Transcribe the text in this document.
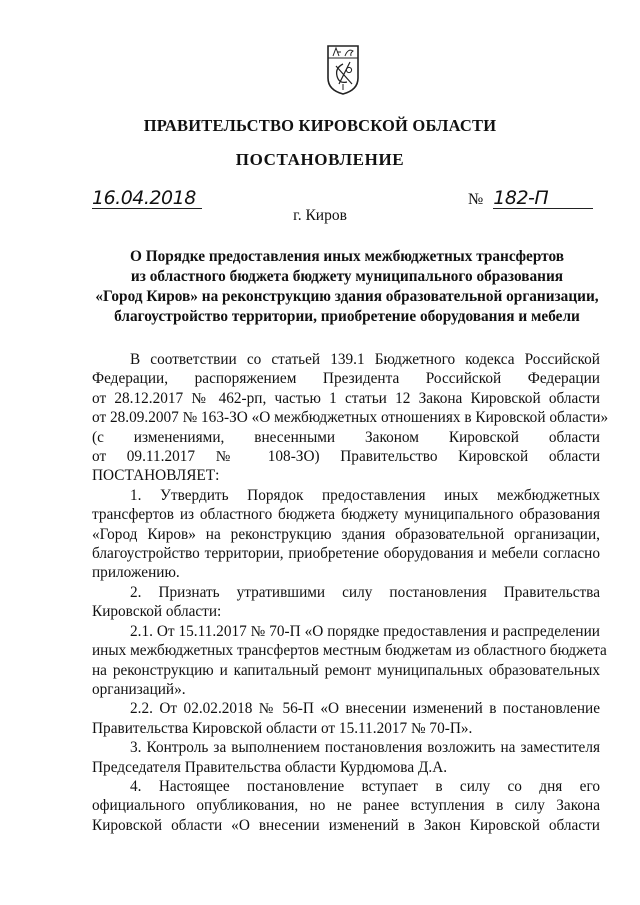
ПРАВИТЕЛЬСТВО КИРОВСКОЙ ОБЛАСТИ
ПОСТАНОВЛЕНИЕ
16.04.2018	№ 182-П
г. Киров
О Порядке предоставления иных межбюджетных трансфертов
из областного бюджета бюджету муниципального образования
«Город Киров» на реконструкцию здания образовательной организации,
благоустройство территории, приобретение оборудования и мебели
В соответствии со статьей 139.1 Бюджетного кодекса Российской
Федерации, распоряжением Президента Российской Федерации
от 28.12.2017 № 462-рп, частью 1 статьи 12 Закона Кировской области
от 28.09.2007 № 163-ЗО «О межбюджетных отношениях в Кировской области»
(с изменениями, внесенными Законом Кировской области
от 09.11.2017 № 108-ЗО) Правительство Кировской области
ПОСТАНОВЛЯЕТ:
1. Утвердить Порядок предоставления иных межбюджетных
трансфертов из областного бюджета бюджету муниципального образования
«Город Киров» на реконструкцию здания образовательной организации,
благоустройство территории, приобретение оборудования и мебели согласно
приложению.
2. Признать утратившими силу постановления Правительства
Кировской области:
2.1. От 15.11.2017 № 70-П «О порядке предоставления и распределении
иных межбюджетных трансфертов местным бюджетам из областного бюджета
на реконструкцию и капитальный ремонт муниципальных образовательных
организаций».
2.2. От 02.02.2018 № 56-П «О внесении изменений в постановление
Правительства Кировской области от 15.11.2017 № 70-П».
3. Контроль за выполнением постановления возложить на заместителя
Председателя Правительства области Курдюмова Д.А.
4. Настоящее постановление вступает в силу со дня его
официального опубликования, но не ранее вступления в силу Закона
Кировской области «О внесении изменений в Закон Кировской области
